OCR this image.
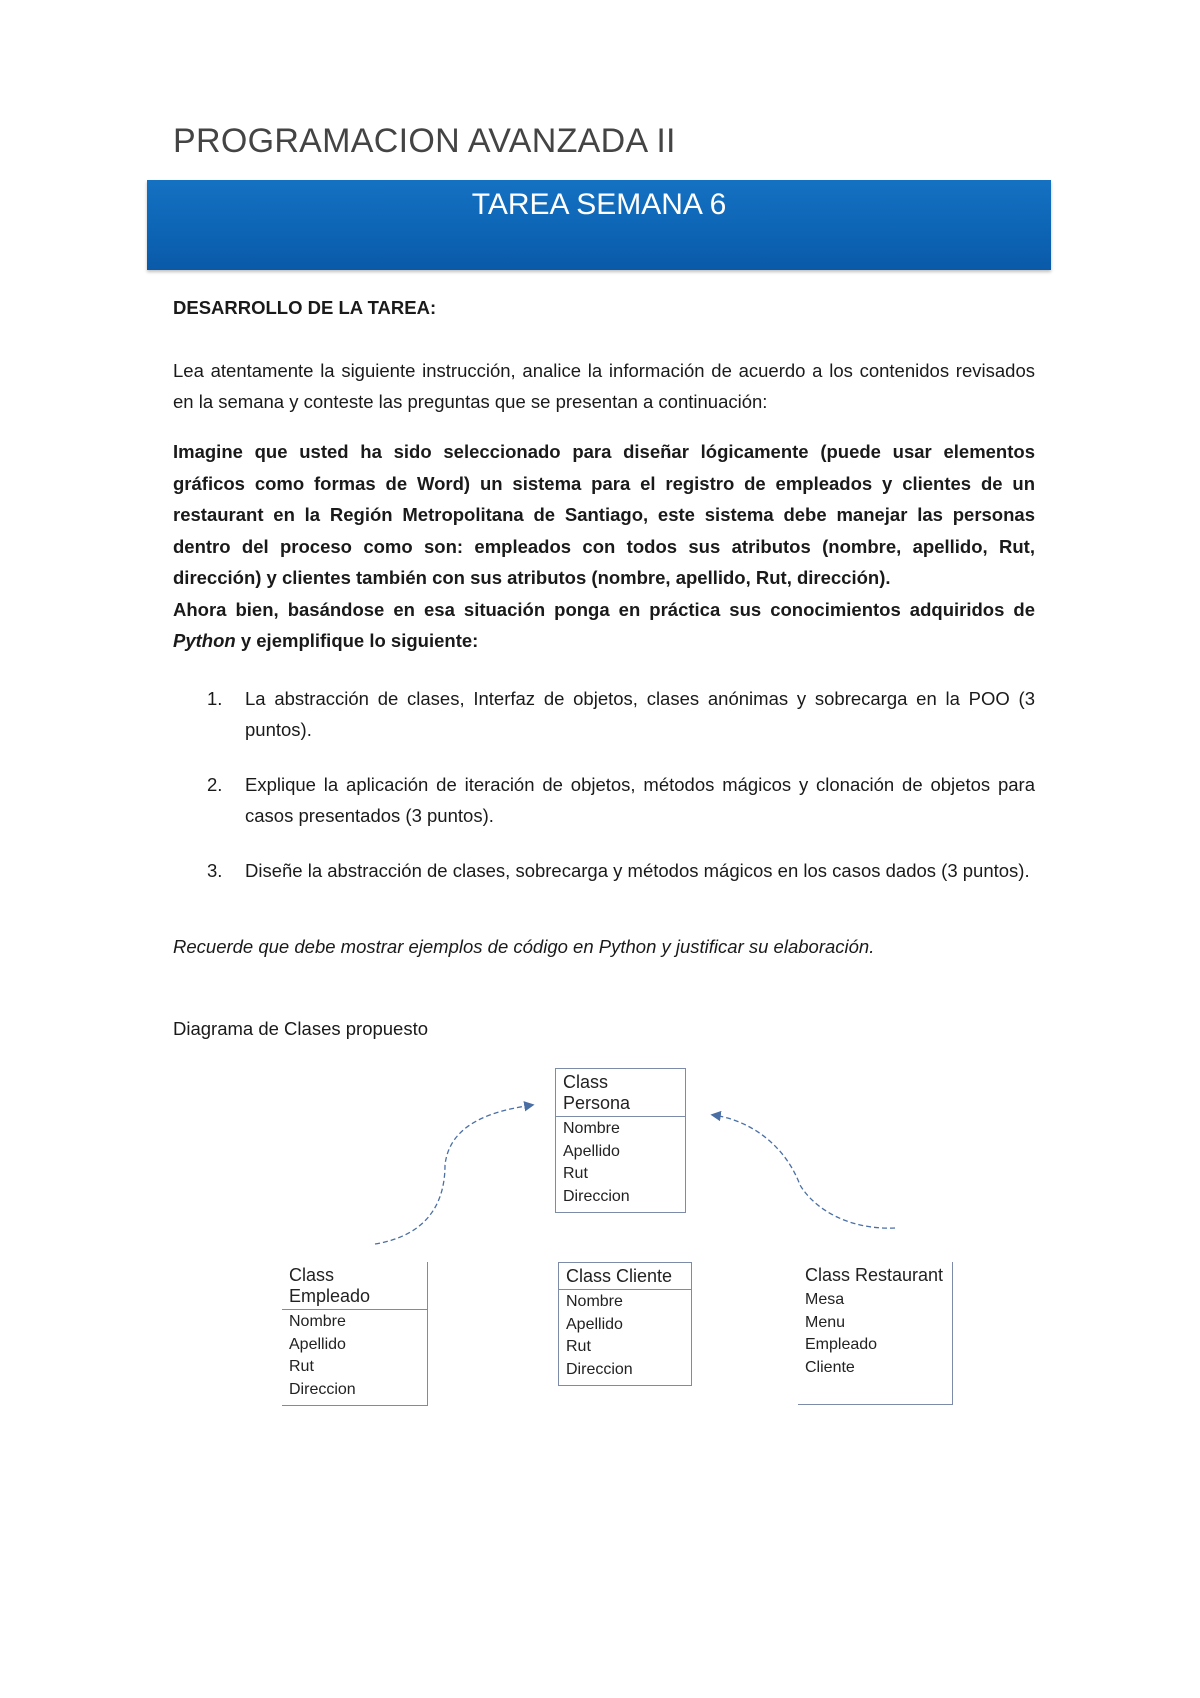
PROGRAMACION AVANZADA II
TAREA SEMANA 6
DESARROLLO DE LA TAREA:
Lea atentamente la siguiente instrucción, analice la información de acuerdo a los contenidos revisados en la semana y conteste las preguntas que se presentan a continuación:
Imagine que usted ha sido seleccionado para diseñar lógicamente (puede usar elementos gráficos como formas de Word) un sistema para el registro de empleados y clientes de un restaurant en la Región Metropolitana de Santiago, este sistema debe manejar las personas dentro del proceso como son: empleados con todos sus atributos (nombre, apellido, Rut, dirección) y clientes también con sus atributos (nombre, apellido, Rut, dirección).
Ahora bien, basándose en esa situación ponga en práctica sus conocimientos adquiridos de Python y ejemplifique lo siguiente:
1. La abstracción de clases, Interfaz de objetos, clases anónimas y sobrecarga en la POO (3 puntos).
2. Explique la aplicación de iteración de objetos, métodos mágicos y clonación de objetos para casos presentados (3 puntos).
3. Diseñe la abstracción de clases, sobrecarga y métodos mágicos en los casos dados (3 puntos).
Recuerde que debe mostrar ejemplos de código en Python y justificar su elaboración.
Diagrama de Clases propuesto
Class Persona
Nombre
Apellido
Rut
Direccion
Class Empleado
Nombre
Apellido
Rut
Direccion
Class Cliente
Nombre
Apellido
Rut
Direccion
Class Restaurant
Mesa
Menu
Empleado
Cliente
